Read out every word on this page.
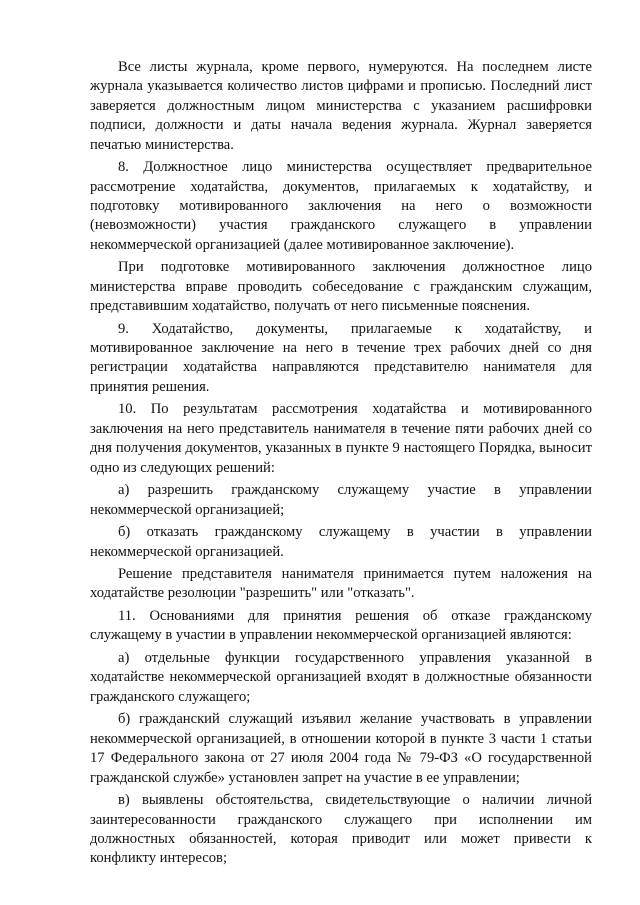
Все листы журнала, кроме первого, нумеруются. На последнем листе
журнала указывается количество листов цифрами и прописью. Последний лист
заверяется должностным лицом министерства с указанием расшифровки
подписи, должности и даты начала ведения журнала. Журнал заверяется
печатью министерства.
8. Должностное лицо министерства осуществляет предварительное
рассмотрение ходатайства, документов, прилагаемых к ходатайству, и
подготовку мотивированного заключения на него о возможности
(невозможности) участия гражданского служащего в управлении
некоммерческой организацией (далее мотивированное заключение).
При подготовке мотивированного заключения должностное лицо
министерства вправе проводить собеседование с гражданским служащим,
представившим ходатайство, получать от него письменные пояснения.
9. Ходатайство, документы, прилагаемые к ходатайству, и
мотивированное заключение на него в течение трех рабочих дней со дня
регистрации ходатайства направляются представителю нанимателя для
принятия решения.
10. По результатам рассмотрения ходатайства и мотивированного
заключения на него представитель нанимателя в течение пяти рабочих дней со
дня получения документов, указанных в пункте 9 настоящего Порядка, выносит
одно из следующих решений:
а) разрешить гражданскому служащему участие в управлении
некоммерческой организацией;
б) отказать гражданскому служащему в участии в управлении
некоммерческой организацией.
Решение представителя нанимателя принимается путем наложения на
ходатайстве резолюции "разрешить" или "отказать".
11. Основаниями для принятия решения об отказе гражданскому
служащему в участии в управлении некоммерческой организацией являются:
а) отдельные функции государственного управления указанной в
ходатайстве некоммерческой организацией входят в должностные обязанности
гражданского служащего;
б) гражданский служащий изъявил желание участвовать в управлении
некоммерческой организацией, в отношении которой в пункте 3 части 1 статьи
17 Федерального закона от 27 июля 2004 года № 79-ФЗ «О государственной
гражданской службе» установлен запрет на участие в ее управлении;
в) выявлены обстоятельства, свидетельствующие о наличии личной
заинтересованности гражданского служащего при исполнении им
должностных обязанностей, которая приводит или может привести к
конфликту интересов;
